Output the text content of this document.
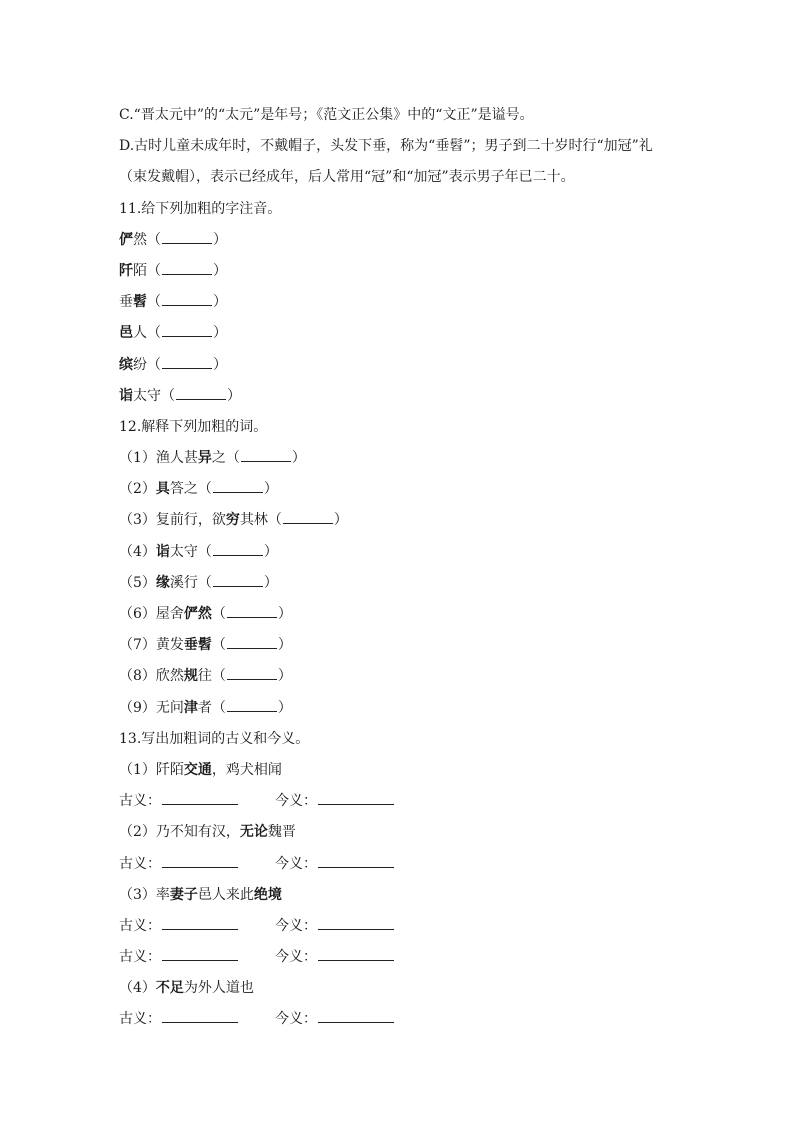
C.“晋太元中”的“太元”是年号；《范文正公集》中的“文正”是谥号。
D.古时儿童未成年时，不戴帽子，头发下垂，称为“垂髫”；男子到二十岁时行“加冠”礼
（束发戴帽），表示已经成年，后人常用“冠”和“加冠”表示男子年已二十。
11.给下列加粗的字注音。
俨然（	）
阡陌（	）
垂髫（	）
邑人（	）
缤纷（	）
诣太守（	）
12.解释下列加粗的词。
（1）渔人甚异之（	）
（2）具答之（	）
（3）复前行，欲穷其林（	）
（4）诣太守（	）
（5）缘溪行（	）
（6）屋舍俨然（	）
（7）黄发垂髫（	）
（8）欣然规往（	）
（9）无问津者（	）
13.写出加粗词的古义和今义。
（1）阡陌交通，鸡犬相闻
古义：	今义：
（2）乃不知有汉，无论魏晋
古义：	今义：
（3）率妻子邑人来此绝境
古义：	今义：
古义：	今义：
（4）不足为外人道也
古义：	今义：
